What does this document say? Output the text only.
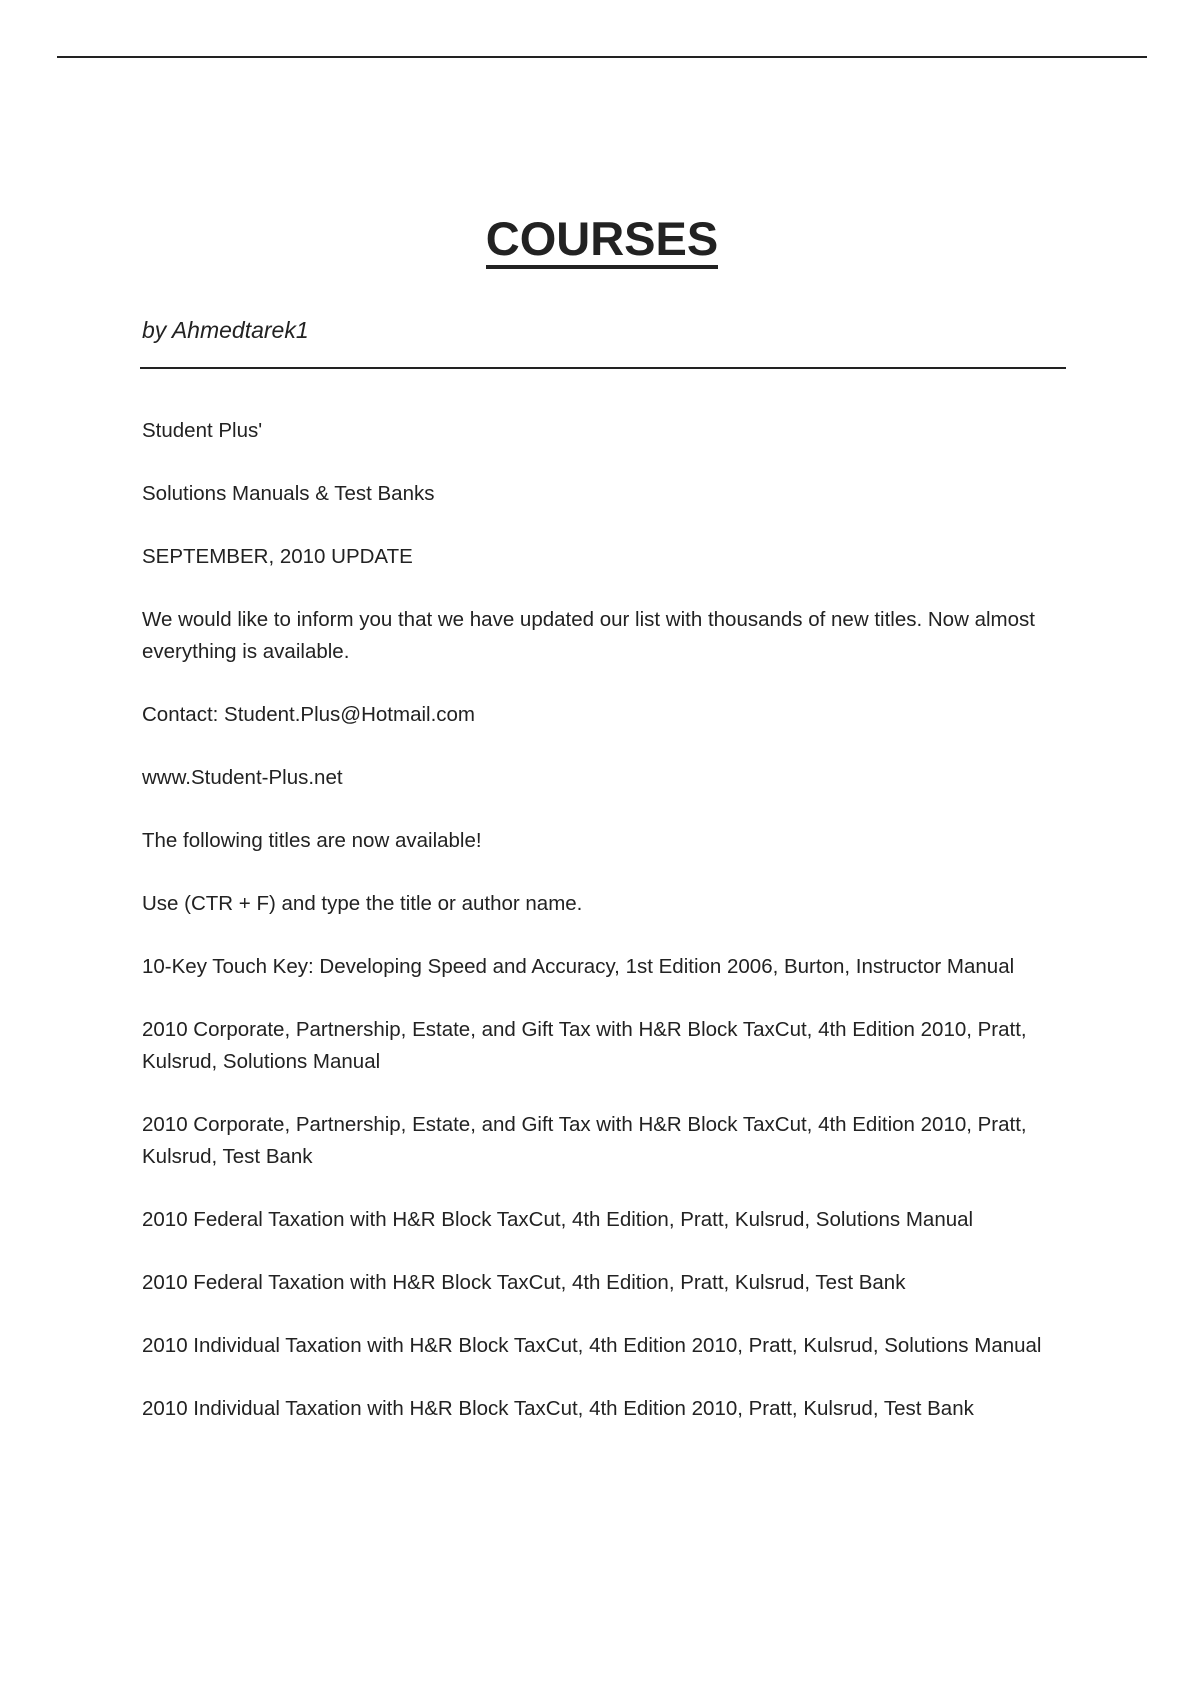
COURSES
by Ahmedtarek1

Student Plus'

Solutions Manuals & Test Banks

SEPTEMBER, 2010 UPDATE

We would like to inform you that we have updated our list with thousands of new titles. Now almost everything is available.

Contact: Student.Plus@Hotmail.com

www.Student-Plus.net

The following titles are now available!

Use (CTR + F) and type the title or author name.

10-Key Touch Key: Developing Speed and Accuracy, 1st Edition 2006, Burton, Instructor Manual

2010 Corporate, Partnership, Estate, and Gift Tax with H&R Block TaxCut, 4th Edition 2010, Pratt, Kulsrud, Solutions Manual

2010 Corporate, Partnership, Estate, and Gift Tax with H&R Block TaxCut, 4th Edition 2010, Pratt, Kulsrud, Test Bank

2010 Federal Taxation with H&R Block TaxCut, 4th Edition, Pratt, Kulsrud, Solutions Manual

2010 Federal Taxation with H&R Block TaxCut, 4th Edition, Pratt, Kulsrud, Test Bank

2010 Individual Taxation with H&R Block TaxCut, 4th Edition 2010, Pratt, Kulsrud, Solutions Manual

2010 Individual Taxation with H&R Block TaxCut, 4th Edition 2010, Pratt, Kulsrud, Test Bank
